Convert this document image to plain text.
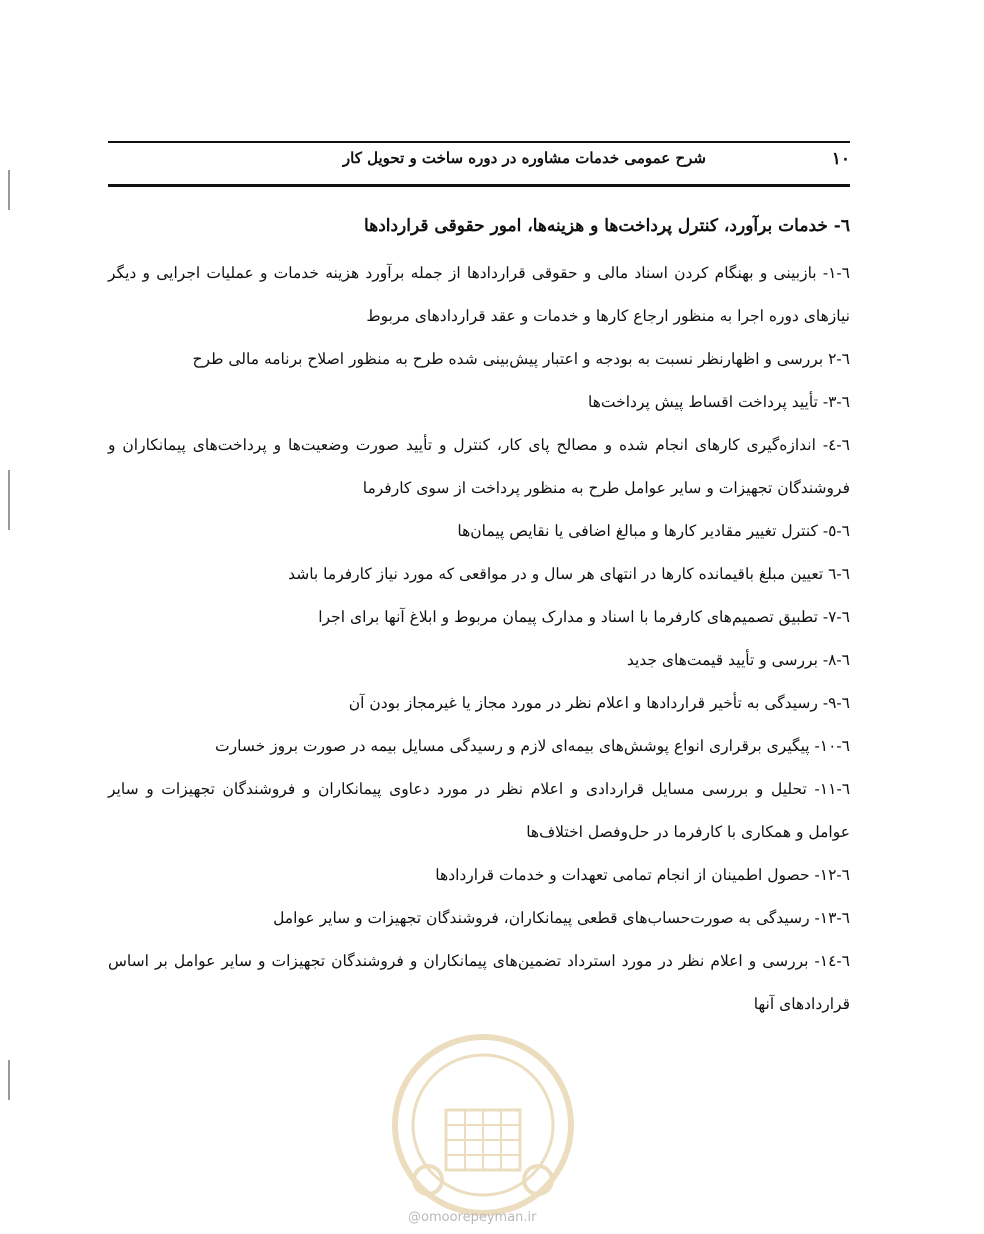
۱۰
شرح عمومی خدمات مشاوره در دوره ساخت و تحویل کار
٦- خدمات برآورد، کنترل پرداخت‌ها و هزینه‌ها، امور حقوقی قراردادها

٦-١- بازبینی و بهنگام کردن اسناد مالی و حقوقی قراردادها از جمله برآورد هزینه خدمات و عملیات اجرایی و دیگر نیازهای دوره اجرا به منظور ارجاع کارها و خدمات و عقد قراردادهای مربوط

٦-٢ بررسی و اظهارنظر نسبت به بودجه و اعتبار پیش‌بینی شده طرح به منظور اصلاح برنامه مالی طرح

٦-٣- تأیید پرداخت اقساط پیش پرداخت‌ها

٦-٤- اندازه‌گیری کارهای انجام شده و مصالح پای کار، کنترل و تأیید صورت وضعیت‌ها و پرداخت‌های پیمانکاران و فروشندگان تجهیزات و سایر عوامل طرح به منظور پرداخت از سوی کارفرما

٦-٥- کنترل تغییر مقادیر کارها و مبالغ اضافی یا نقایص پیمان‌ها

٦-٦ تعیین مبلغ باقیمانده کارها در انتهای هر سال و در مواقعی که مورد نیاز کارفرما باشد

٦-٧- تطبیق تصمیم‌های کارفرما با اسناد و مدارک پیمان مربوط و ابلاغ آنها برای اجرا

٦-٨- بررسی و تأیید قیمت‌های جدید

٦-٩- رسیدگی به تأخیر قراردادها و اعلام نظر در مورد مجاز یا غیرمجاز بودن آن

٦-١٠- پیگیری برقراری انواع پوشش‌های بیمه‌ای لازم و رسیدگی مسایل بیمه در صورت بروز خسارت

٦-١١- تحلیل و بررسی مسایل قراردادی و اعلام نظر در مورد دعاوی پیمانکاران و فروشندگان تجهیزات و سایر عوامل و همکاری با کارفرما در حل‌وفصل اختلاف‌ها

٦-١٢- حصول اطمینان از انجام تمامی تعهدات و خدمات قراردادها

٦-١٣- رسیدگی به صورت‌حساب‌های قطعی پیمانکاران، فروشندگان تجهیزات و سایر عوامل

٦-١٤- بررسی و اعلام نظر در مورد استرداد تضمین‌های پیمانکاران و فروشندگان تجهیزات و سایر عوامل بر اساس قراردادهای آنها

@omoorepeyman.ir
